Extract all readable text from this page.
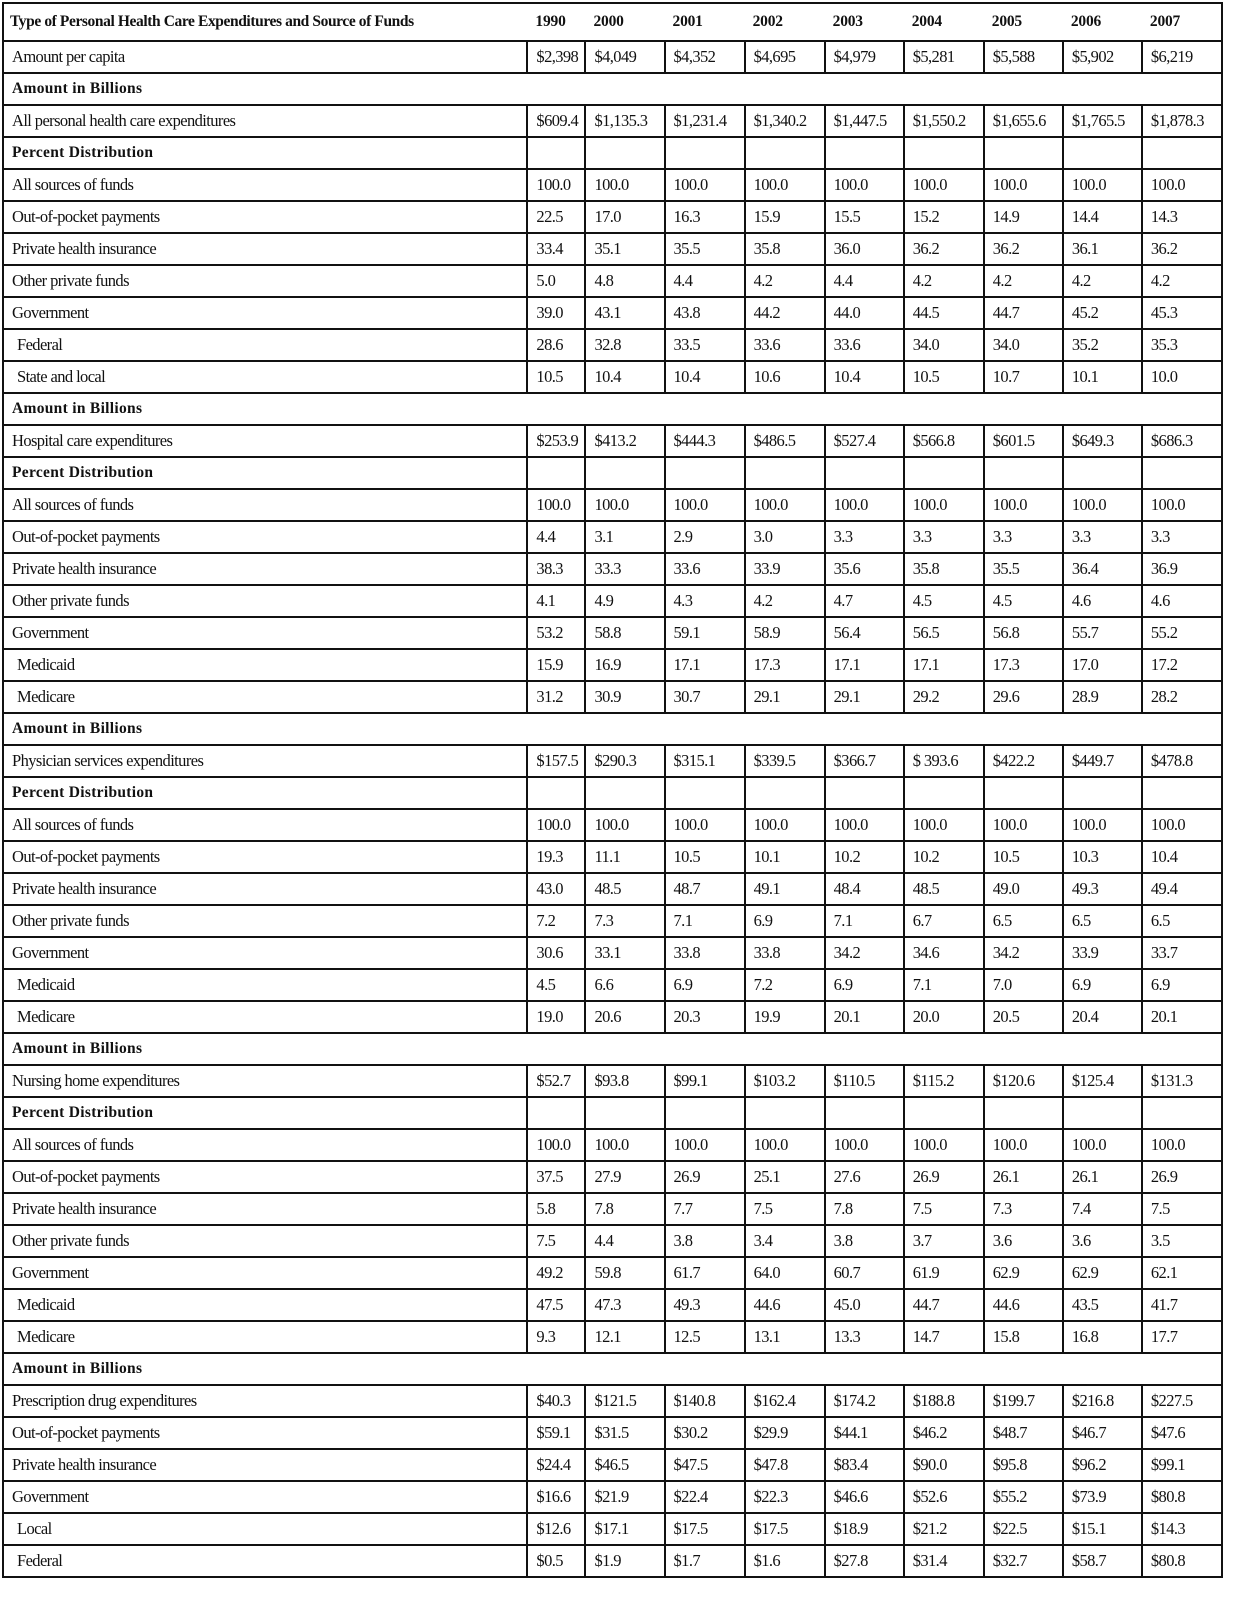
Type of Personal Health Care Expenditures and Source of Funds	1990	2000	2001	2002	2003	2004	2005	2006	2007
Amount per capita	$2,398	$4,049	$4,352	$4,695	$4,979	$5,281	$5,588	$5,902	$6,219
Amount in Billions									
All personal health care expenditures	$609.4	$1,135.3	$1,231.4	$1,340.2	$1,447.5	$1,550.2	$1,655.6	$1,765.5	$1,878.3
Percent Distribution									
All sources of funds	100.0	100.0	100.0	100.0	100.0	100.0	100.0	100.0	100.0
Out-of-pocket payments	22.5	17.0	16.3	15.9	15.5	15.2	14.9	14.4	14.3
Private health insurance	33.4	35.1	35.5	35.8	36.0	36.2	36.2	36.1	36.2
Other private funds	5.0	4.8	4.4	4.2	4.4	4.2	4.2	4.2	4.2
Government	39.0	43.1	43.8	44.2	44.0	44.5	44.7	45.2	45.3
Federal	28.6	32.8	33.5	33.6	33.6	34.0	34.0	35.2	35.3
State and local	10.5	10.4	10.4	10.6	10.4	10.5	10.7	10.1	10.0
Amount in Billions									
Hospital care expenditures	$253.9	$413.2	$444.3	$486.5	$527.4	$566.8	$601.5	$649.3	$686.3
Percent Distribution									
All sources of funds	100.0	100.0	100.0	100.0	100.0	100.0	100.0	100.0	100.0
Out-of-pocket payments	4.4	3.1	2.9	3.0	3.3	3.3	3.3	3.3	3.3
Private health insurance	38.3	33.3	33.6	33.9	35.6	35.8	35.5	36.4	36.9
Other private funds	4.1	4.9	4.3	4.2	4.7	4.5	4.5	4.6	4.6
Government	53.2	58.8	59.1	58.9	56.4	56.5	56.8	55.7	55.2
Medicaid	15.9	16.9	17.1	17.3	17.1	17.1	17.3	17.0	17.2
Medicare	31.2	30.9	30.7	29.1	29.1	29.2	29.6	28.9	28.2
Amount in Billions									
Physician services expenditures	$157.5	$290.3	$315.1	$339.5	$366.7	$ 393.6	$422.2	$449.7	$478.8
Percent Distribution									
All sources of funds	100.0	100.0	100.0	100.0	100.0	100.0	100.0	100.0	100.0
Out-of-pocket payments	19.3	11.1	10.5	10.1	10.2	10.2	10.5	10.3	10.4
Private health insurance	43.0	48.5	48.7	49.1	48.4	48.5	49.0	49.3	49.4
Other private funds	7.2	7.3	7.1	6.9	7.1	6.7	6.5	6.5	6.5
Government	30.6	33.1	33.8	33.8	34.2	34.6	34.2	33.9	33.7
Medicaid	4.5	6.6	6.9	7.2	6.9	7.1	7.0	6.9	6.9
Medicare	19.0	20.6	20.3	19.9	20.1	20.0	20.5	20.4	20.1
Amount in Billions									
Nursing home expenditures	$52.7	$93.8	$99.1	$103.2	$110.5	$115.2	$120.6	$125.4	$131.3
Percent Distribution									
All sources of funds	100.0	100.0	100.0	100.0	100.0	100.0	100.0	100.0	100.0
Out-of-pocket payments	37.5	27.9	26.9	25.1	27.6	26.9	26.1	26.1	26.9
Private health insurance	5.8	7.8	7.7	7.5	7.8	7.5	7.3	7.4	7.5
Other private funds	7.5	4.4	3.8	3.4	3.8	3.7	3.6	3.6	3.5
Government	49.2	59.8	61.7	64.0	60.7	61.9	62.9	62.9	62.1
Medicaid	47.5	47.3	49.3	44.6	45.0	44.7	44.6	43.5	41.7
Medicare	9.3	12.1	12.5	13.1	13.3	14.7	15.8	16.8	17.7
Amount in Billions									
Prescription drug expenditures	$40.3	$121.5	$140.8	$162.4	$174.2	$188.8	$199.7	$216.8	$227.5
Out-of-pocket payments	$59.1	$31.5	$30.2	$29.9	$44.1	$46.2	$48.7	$46.7	$47.6
Private health insurance	$24.4	$46.5	$47.5	$47.8	$83.4	$90.0	$95.8	$96.2	$99.1
Government	$16.6	$21.9	$22.4	$22.3	$46.6	$52.6	$55.2	$73.9	$80.8
Local	$12.6	$17.1	$17.5	$17.5	$18.9	$21.2	$22.5	$15.1	$14.3
Federal	$0.5	$1.9	$1.7	$1.6	$27.8	$31.4	$32.7	$58.7	$80.8
